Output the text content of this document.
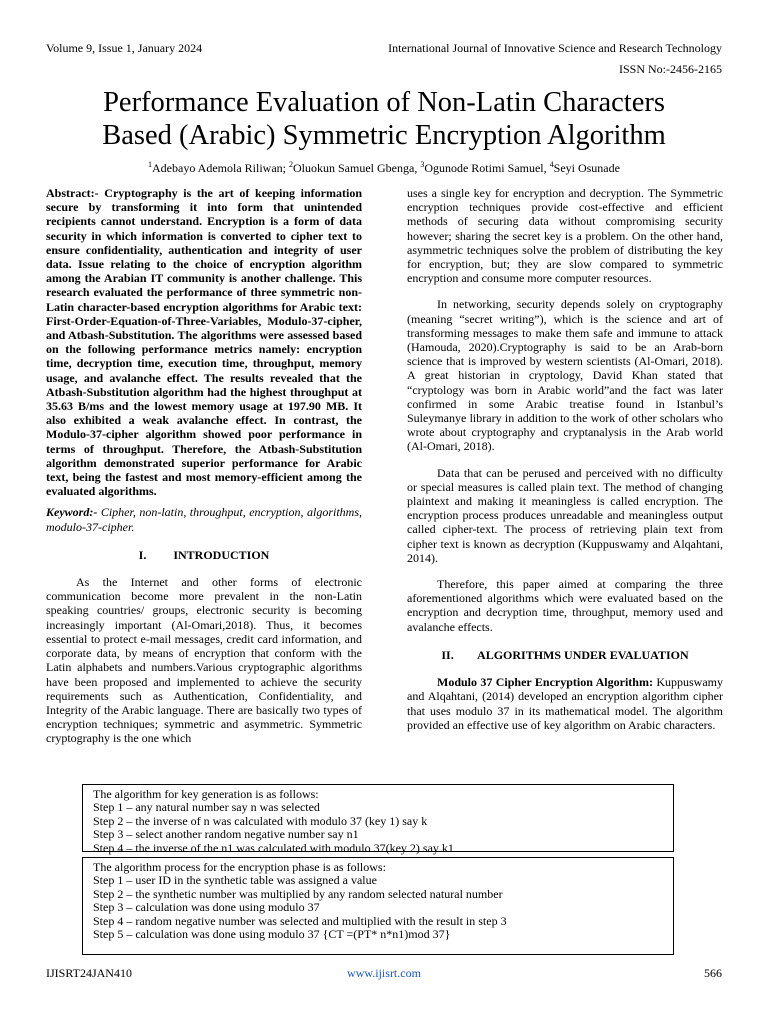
Volume 9, Issue 1, January 2024	International Journal of Innovative Science and Research Technology
ISSN No:-2456-2165
Performance Evaluation of Non-Latin Characters
Based (Arabic) Symmetric Encryption Algorithm
$^1$Adebayo Ademola Riliwan; $^2$Oluokun Samuel Gbenga, $^3$Ogunode Rotimi Samuel, $^4$Seyi Osunade

Abstract:- Cryptography is the art of keeping information secure by transforming it into form that unintended recipients cannot understand. Encryption is a form of data security in which information is converted to cipher text to ensure confidentiality, authentication and integrity of user data. Issue relating to the choice of encryption algorithm among the Arabian IT community is another challenge. This research evaluated the performance of three symmetric non-Latin character-based encryption algorithms for Arabic text: First-Order-Equation-of-Three-Variables, Modulo-37-cipher, and Atbash-Substitution. The algorithms were assessed based on the following performance metrics namely: encryption time, decryption time, execution time, throughput, memory usage, and avalanche effect. The results revealed that the Atbash-Substitution algorithm had the highest throughput at 35.63 B/ms and the lowest memory usage at 197.90 MB. It also exhibited a weak avalanche effect. In contrast, the Modulo-37-cipher algorithm showed poor performance in terms of throughput. Therefore, the Atbash-Substitution algorithm demonstrated superior performance for Arabic text, being the fastest and most memory-efficient among the evaluated algorithms.

Keyword:- Cipher, non-latin, throughput, encryption, algorithms, modulo-37-cipher.

I. INTRODUCTION

As the Internet and other forms of electronic communication become more prevalent in the non-Latin speaking countries/ groups, electronic security is becoming increasingly important (Al-Omari,2018). Thus, it becomes essential to protect e-mail messages, credit card information, and corporate data, by means of encryption that conform with the Latin alphabets and numbers.Various cryptographic algorithms have been proposed and implemented to achieve the security requirements such as Authentication, Confidentiality, and Integrity of the Arabic language. There are basically two types of encryption techniques; symmetric and asymmetric. Symmetric cryptography is the one which

uses a single key for encryption and decryption. The Symmetric encryption techniques provide cost-effective and efficient methods of securing data without compromising security however; sharing the secret key is a problem. On the other hand, asymmetric techniques solve the problem of distributing the key for encryption, but; they are slow compared to symmetric encryption and consume more computer resources.

In networking, security depends solely on cryptography (meaning “secret writing”), which is the science and art of transforming messages to make them safe and immune to attack (Hamouda, 2020).Cryptography is said to be an Arab-born science that is improved by western scientists (Al-Omari, 2018). A great historian in cryptology, David Khan stated that “cryptology was born in Arabic world”and the fact was later confirmed in some Arabic treatise found in Istanbul’s Suleymanye library in addition to the work of other scholars who wrote about cryptography and cryptanalysis in the Arab world (Al-Omari, 2018).

Data that can be perused and perceived with no difficulty or special measures is called plain text. The method of changing plaintext and making it meaningless is called encryption. The encryption process produces unreadable and meaningless output called cipher-text. The process of retrieving plain text from cipher text is known as decryption (Kuppuswamy and Alqahtani, 2014).

Therefore, this paper aimed at comparing the three aforementioned algorithms which were evaluated based on the encryption and decryption time, throughput, memory used and avalanche effects.

II. ALGORITHMS UNDER EVALUATION

Modulo 37 Cipher Encryption Algorithm: Kuppuswamy and Alqahtani, (2014) developed an encryption algorithm cipher that uses modulo 37 in its mathematical model. The algorithm provided an effective use of key algorithm on Arabic characters.

The algorithm for key generation is as follows:
Step 1 – any natural number say n was selected
Step 2 – the inverse of n was calculated with modulo 37 (key 1) say k
Step 3 – select another random negative number say n1
Step 4 – the inverse of the n1 was calculated with modulo 37(key 2) say k1
The algorithm process for the encryption phase is as follows:
Step 1 – user ID in the synthetic table was assigned a value
Step 2 – the synthetic number was multiplied by any random selected natural number
Step 3 – calculation was done using modulo 37
Step 4 – random negative number was selected and multiplied with the result in step 3
Step 5 – calculation was done using modulo 37 {CT =(PT* n*n1)mod 37}
IJISRT24JAN410	www.ijisrt.com	566
